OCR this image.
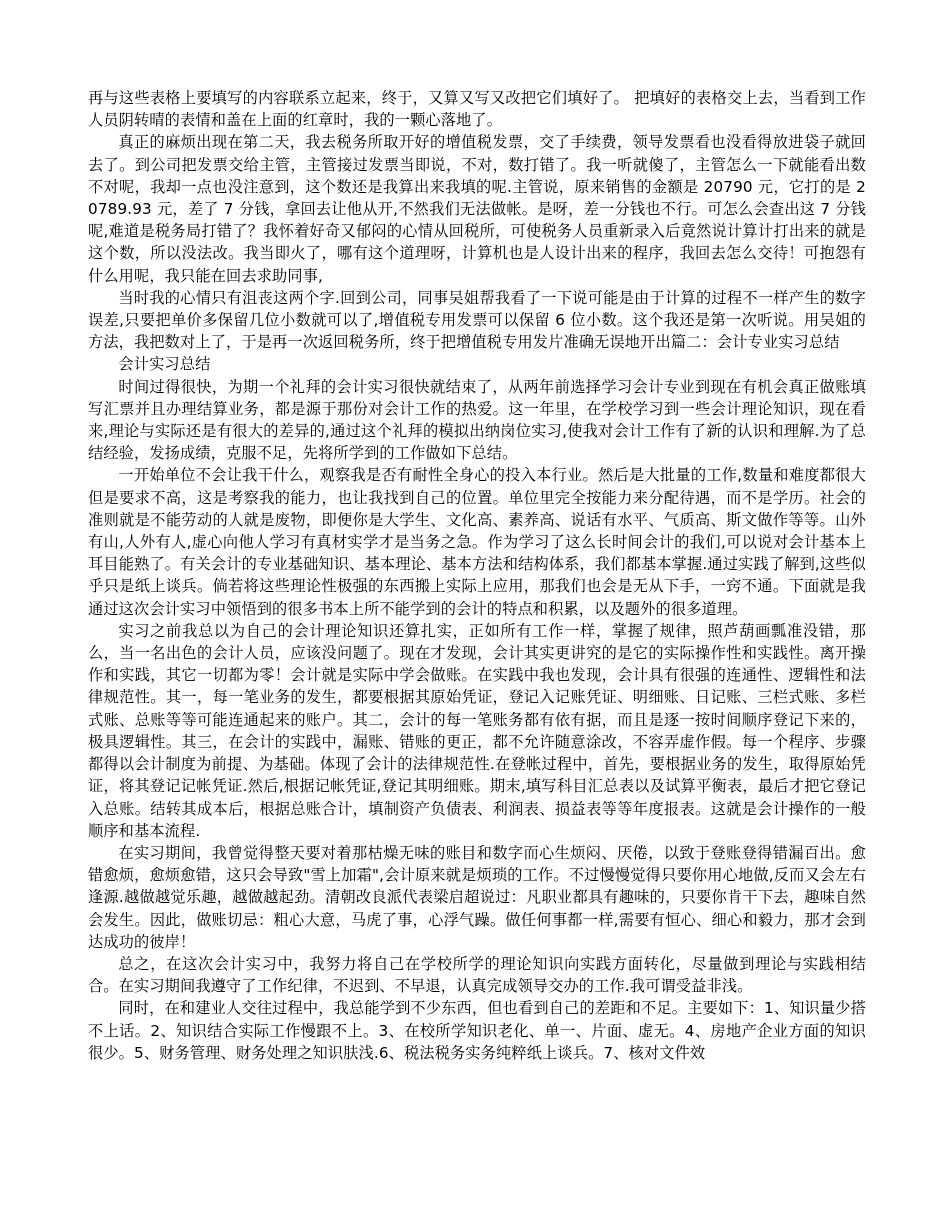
再与这些表格上要填写的内容联系立起来，终于，又算又写又改把它们填好了。 把填好的表格交上去，当看到工作人员阴转晴的表情和盖在上面的红章时，我的一颗心落地了。

真正的麻烦出现在第二天，我去税务所取开好的增值税发票，交了手续费，领导发票看也没看得放进袋子就回去了。到公司把发票交给主管，主管接过发票当即说，不对，数打错了。我一听就傻了，主管怎么一下就能看出数不对呢，我却一点也没注意到，这个数还是我算出来我填的呢.主管说，原来销售的金额是 20790 元，它打的是 20789.93 元，差了 7 分钱，拿回去让他从开,不然我们无法做帐。是呀，差一分钱也不行。可怎么会查出这 7 分钱呢,难道是税务局打错了？我怀着好奇又郁闷的心情从回税所，可使税务人员重新录入后竟然说计算计打出来的就是这个数，所以没法改。我当即火了，哪有这个道理呀，计算机也是人设计出来的程序，我回去怎么交待！可抱怨有什么用呢，我只能在回去求助同事,

当时我的心情只有沮丧这两个字.回到公司，同事吴姐帮我看了一下说可能是由于计算的过程不一样产生的数字误差,只要把单价多保留几位小数就可以了,增值税专用发票可以保留 6 位小数。这个我还是第一次听说。用吴姐的方法，我把数对上了，于是再一次返回税务所，终于把增值税专用发片准确无误地开出篇二：会计专业实习总结

会计实习总结

时间过得很快，为期一个礼拜的会计实习很快就结束了，从两年前选择学习会计专业到现在有机会真正做账填写汇票并且办理结算业务，都是源于那份对会计工作的热爱。这一年里，在学校学习到一些会计理论知识，现在看来,理论与实际还是有很大的差异的,通过这个礼拜的模拟出纳岗位实习,使我对会计工作有了新的认识和理解.为了总结经验，发扬成绩，克服不足，先将所学到的工作做如下总结。

一开始单位不会让我干什么，观察我是否有耐性全身心的投入本行业。然后是大批量的工作,数量和难度都很大但是要求不高，这是考察我的能力，也让我找到自己的位置。单位里完全按能力来分配待遇，而不是学历。社会的准则就是不能劳动的人就是废物，即便你是大学生、文化高、素养高、说话有水平、气质高、斯文做作等等。山外有山,人外有人,虚心向他人学习有真材实学才是当务之急。作为学习了这么长时间会计的我们,可以说对会计基本上耳目能熟了。有关会计的专业基础知识、基本理论、基本方法和结构体系，我们都基本掌握.通过实践了解到,这些似乎只是纸上谈兵。倘若将这些理论性极强的东西搬上实际上应用，那我们也会是无从下手，一窍不通。下面就是我通过这次会计实习中领悟到的很多书本上所不能学到的会计的特点和积累，以及题外的很多道理。

实习之前我总以为自己的会计理论知识还算扎实，正如所有工作一样，掌握了规律，照芦葫画瓢准没错，那么，当一名出色的会计人员，应该没问题了。现在才发现，会计其实更讲究的是它的实际操作性和实践性。离开操作和实践，其它一切都为零！会计就是实际中学会做账。在实践中我也发现，会计具有很强的连通性、逻辑性和法律规范性。其一，每一笔业务的发生，都要根据其原始凭证，登记入记账凭证、明细账、日记账、三栏式账、多栏式账、总账等等可能连通起来的账户。其二，会计的每一笔账务都有依有据，而且是逐一按时间顺序登记下来的，极具逻辑性。其三，在会计的实践中，漏账、错账的更正，都不允许随意涂改，不容弄虚作假。每一个程序、步骤都得以会计制度为前提、为基础。体现了会计的法律规范性.在登帐过程中，首先，要根据业务的发生，取得原始凭证，将其登记记帐凭证.然后,根据记帐凭证,登记其明细账。期末,填写科目汇总表以及试算平衡表，最后才把它登记入总账。结转其成本后，根据总账合计，填制资产负债表、利润表、损益表等等年度报表。这就是会计操作的一般顺序和基本流程.

在实习期间，我曾觉得整天要对着那枯燥无味的账目和数字而心生烦闷、厌倦，以致于登账登得错漏百出。愈错愈烦，愈烦愈错，这只会导致"雪上加霜",会计原来就是烦琐的工作。不过慢慢觉得只要你用心地做,反而又会左右逢源.越做越觉乐趣，越做越起劲。清朝改良派代表梁启超说过：凡职业都具有趣味的，只要你肯干下去，趣味自然会发生。因此，做账切忌：粗心大意，马虎了事，心浮气躁。做任何事都一样,需要有恒心、细心和毅力，那才会到达成功的彼岸！

总之，在这次会计实习中，我努力将自己在学校所学的理论知识向实践方面转化，尽量做到理论与实践相结合。在实习期间我遵守了工作纪律，不迟到、不早退，认真完成领导交办的工作.我可谓受益非浅。

同时，在和建业人交往过程中，我总能学到不少东西，但也看到自己的差距和不足。主要如下：1、知识量少搭不上话。2、知识结合实际工作慢跟不上。3、在校所学知识老化、单一、片面、虚无。4、房地产企业方面的知识很少。5、财务管理、财务处理之知识肤浅.6、税法税务实务纯粹纸上谈兵。7、核对文件效
